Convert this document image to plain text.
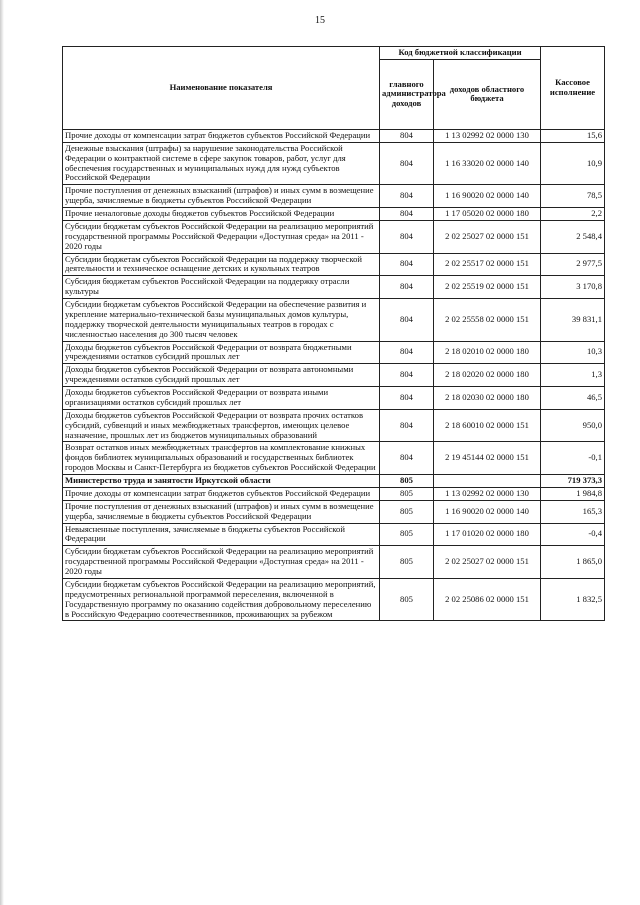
15
Наименование показателя	Код бюджетной классификации		Кассовое исполнение
	главного администратора доходов	доходов областного бюджета	
Прочие доходы от компенсации затрат бюджетов субъектов Российской Федерации	804	1 13 02992 02 0000 130	15,6
Денежные взыскания (штрафы) за нарушение законодательства Российской Федерации о контрактной системе в сфере закупок товаров, работ, услуг для обеспечения государственных и муниципальных нужд для нужд субъектов Российской Федерации	804	1 16 33020 02 0000 140	10,9
Прочие поступления от денежных взысканий (штрафов) и иных сумм в возмещение ущерба, зачисляемые в бюджеты субъектов Российской Федерации	804	1 16 90020 02 0000 140	78,5
Прочие неналоговые доходы бюджетов субъектов Российской Федерации	804	1 17 05020 02 0000 180	2,2
Субсидии бюджетам субъектов Российской Федерации на реализацию мероприятий государственной программы Российской Федерации «Доступная среда» на 2011 - 2020 годы	804	2 02 25027 02 0000 151	2 548,4
Субсидии бюджетам субъектов Российской Федерации на поддержку творческой деятельности и техническое оснащение детских и кукольных театров	804	2 02 25517 02 0000 151	2 977,5
Субсидия бюджетам субъектов Российской Федерации на поддержку отрасли культуры	804	2 02 25519 02 0000 151	3 170,8
Субсидии бюджетам субъектов Российской Федерации на обеспечение развития и укрепление материально-технической базы муниципальных домов культуры, поддержку творческой деятельности муниципальных театров в городах с численностью населения до 300 тысяч человек	804	2 02 25558 02 0000 151	39 831,1
Доходы бюджетов субъектов Российской Федерации от возврата бюджетными учреждениями остатков субсидий прошлых лет	804	2 18 02010 02 0000 180	10,3
Доходы бюджетов субъектов Российской Федерации от возврата автономными учреждениями остатков субсидий прошлых лет	804	2 18 02020 02 0000 180	1,3
Доходы бюджетов субъектов Российской Федерации от возврата иными организациями остатков субсидий прошлых лет	804	2 18 02030 02 0000 180	46,5
Доходы бюджетов субъектов Российской Федерации от возврата прочих остатков субсидий, субвенций и иных межбюджетных трансфертов, имеющих целевое назначение, прошлых лет из бюджетов муниципальных образований	804	2 18 60010 02 0000 151	950,0
Возврат остатков иных межбюджетных трансфертов на комплектование книжных фондов библиотек муниципальных образований и государственных библиотек городов Москвы и Санкт-Петербурга из бюджетов субъектов Российской Федерации	804	2 19 45144 02 0000 151	-0,1
Министерство труда и занятости Иркутской области	805		719 373,3
Прочие доходы от компенсации затрат бюджетов субъектов Российской Федерации	805	1 13 02992 02 0000 130	1 984,8
Прочие поступления от денежных взысканий (штрафов) и иных сумм в возмещение ущерба, зачисляемые в бюджеты субъектов Российской Федерации	805	1 16 90020 02 0000 140	165,3
Невыясненные поступления, зачисляемые в бюджеты субъектов Российской Федерации	805	1 17 01020 02 0000 180	-0,4
Субсидии бюджетам субъектов Российской Федерации на реализацию мероприятий государственной программы Российской Федерации «Доступная среда» на 2011 - 2020 годы	805	2 02 25027 02 0000 151	1 865,0
Субсидии бюджетам субъектов Российской Федерации на реализацию мероприятий, предусмотренных региональной программой переселения, включенной в Государственную программу по оказанию содействия добровольному переселению в Российскую Федерацию соотечественников, проживающих за рубежом	805	2 02 25086 02 0000 151	1 832,5
